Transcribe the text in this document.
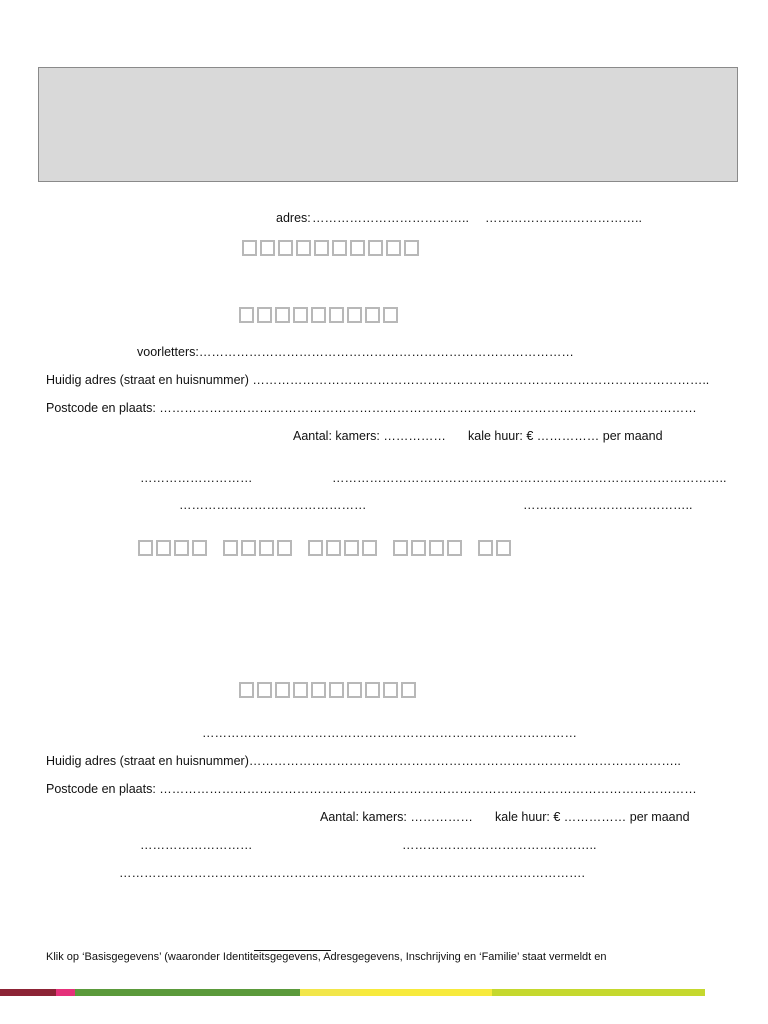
adres: ……………………………….. ………………………………..
voorletters:………………………………………………………………………………
Huidig adres (straat en huisnummer) ………………………………………………………………………………………………..
Postcode en plaats: …………………………………………………………………………………………………………………
Aantal: kamers: …………… kale huur: € …………… per maand
………………………	…………………………………………………………………………………..
………………………………………	…………………………………..
………………………………………………………………………………
Huidig adres (straat en huisnummer)…………………………………………………………………………………………..
Postcode en plaats: …………………………………………………………………………………………………………………
Aantal: kamers: …………… kale huur: € …………… per maand
………………………	………………………………………..
………………………………………………………………………………………………….
Klik op ‘Basisgegevens’ (waaronder Identiteitsgegevens, Adresgegevens, Inschrijving en ‘Familie’ staat vermeldt en
